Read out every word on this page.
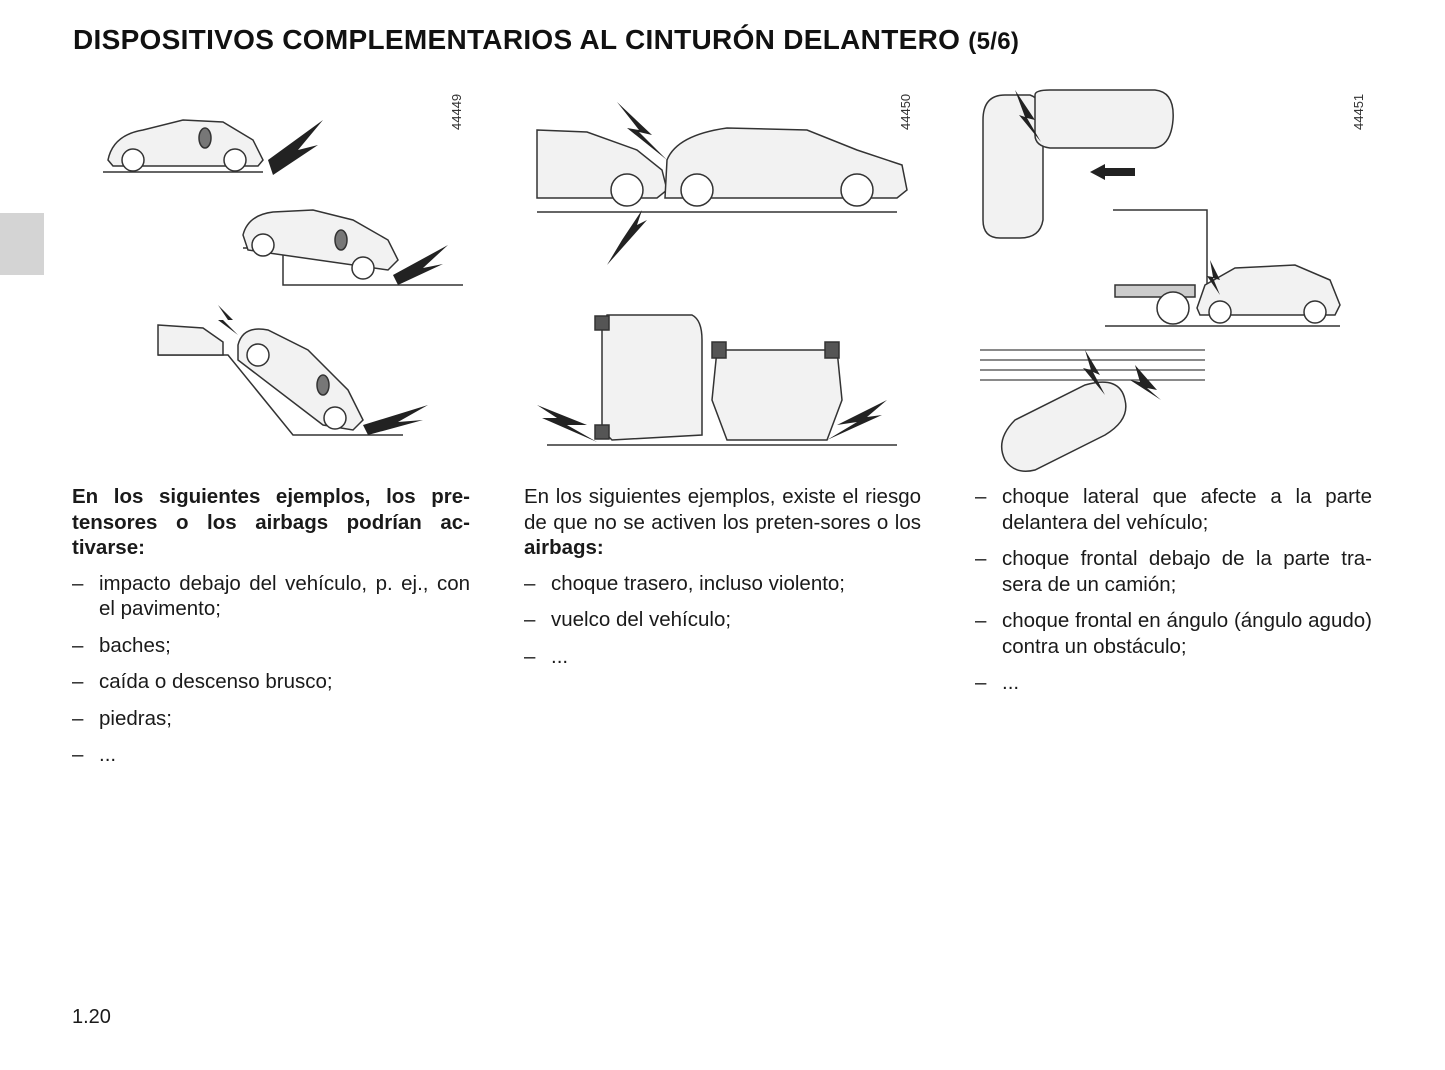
DISPOSITIVOS COMPLEMENTARIOS AL CINTURÓN DELANTERO (5/6)
44449	44450	44451

En los siguientes ejemplos, los pre-tensores o los airbags podrían ac-tivarse:

– impacto debajo del vehículo, p. ej., con el pavimento;
– baches;
– caída o descenso brusco;
– piedras;
– ...

En los siguientes ejemplos, existe el riesgo de que no se activen los preten-sores o los airbags:

– choque trasero, incluso violento;
– vuelco del vehículo;
– ...
– choque lateral que afecte a la parte delantera del vehículo;
– choque frontal debajo de la parte tra-sera de un camión;
– choque frontal en ángulo (ángulo agudo) contra un obstáculo;
– ...
1.20
